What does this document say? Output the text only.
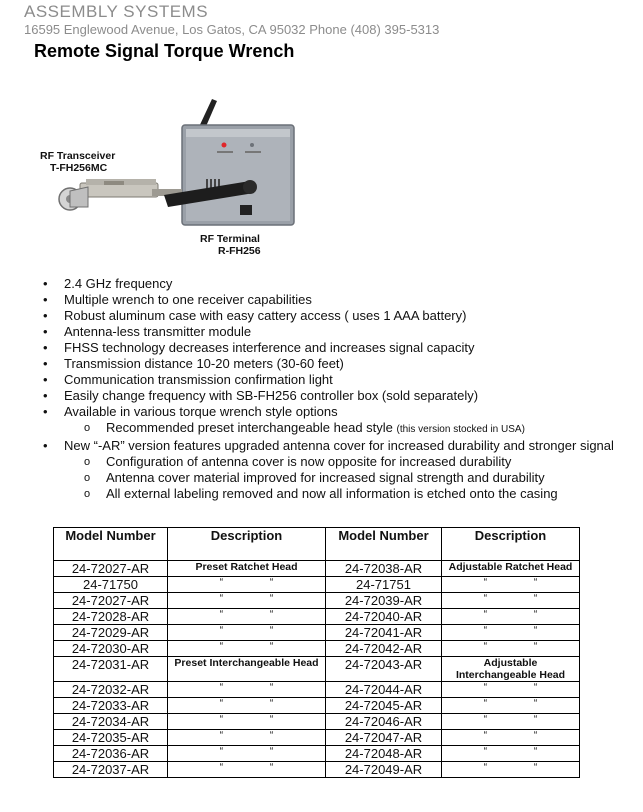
ASSEMBLY SYSTEMS
16595 Englewood Avenue, Los Gatos, CA 95032 Phone (408) 395-5313
Remote Signal Torque Wrench
RF Transceiver
T-FH256MC
RF Terminal
R-FH256
• 2.4 GHz frequency
• Multiple wrench to one receiver capabilities
• Robust aluminum case with easy cattery access ( uses 1 AAA battery)
• Antenna-less transmitter module
• FHSS technology decreases interference and increases signal capacity
• Transmission distance 10-20 meters (30-60 feet)
• Communication transmission confirmation light
• Easily change frequency with SB-FH256 controller box (sold separately)
• Available in various torque wrench style options
o Recommended preset interchangeable head style (this version stocked in USA)
• New “-AR” version features upgraded antenna cover for increased durability and stronger signal
o Configuration of antenna cover is now opposite for increased durability
o Antenna cover material improved for increased signal strength and durability
o All external labeling removed and now all information is etched onto the casing
Model Number	Description	Model Number	Description
24-72027-AR	Preset Ratchet Head	24-72038-AR	Adjustable Ratchet Head
24-71750	“ “	24-71751	“ “
24-72027-AR	“ “	24-72039-AR	“ “
24-72028-AR	“ “	24-72040-AR	“ “
24-72029-AR	“ “	24-72041-AR	“ “
24-72030-AR	“ “	24-72042-AR	“ “
24-72031-AR	Preset Interchangeable Head	24-72043-AR	Adjustable Interchangeable Head
24-72032-AR	“ “	24-72044-AR	“ “
24-72033-AR	“ “	24-72045-AR	“ “
24-72034-AR	“ “	24-72046-AR	“ “
24-72035-AR	“ “	24-72047-AR	“ “
24-72036-AR	“ “	24-72048-AR	“ “
24-72037-AR	“ “	24-72049-AR	“ “
